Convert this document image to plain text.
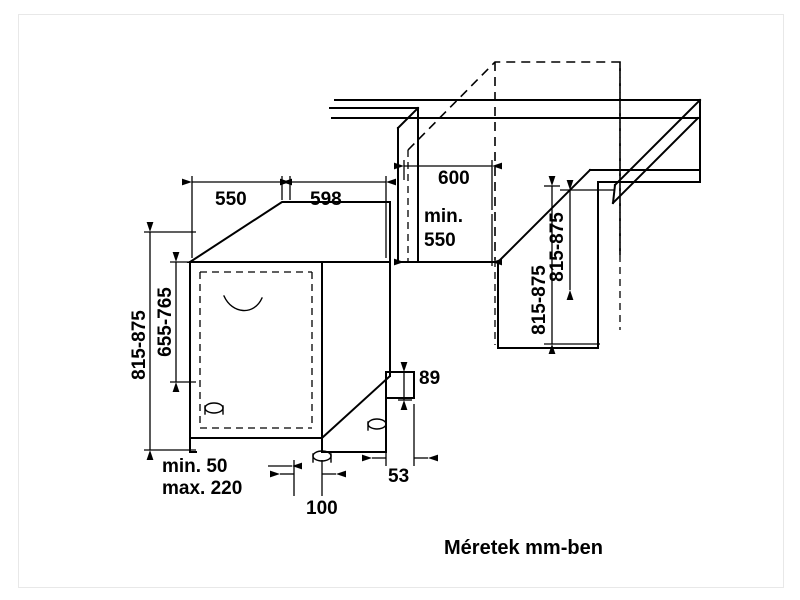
550	598
600
min.
550
815-875 655-765
815-875
815-875
89
53
100
min. 50
max. 220
Méretek mm-ben
